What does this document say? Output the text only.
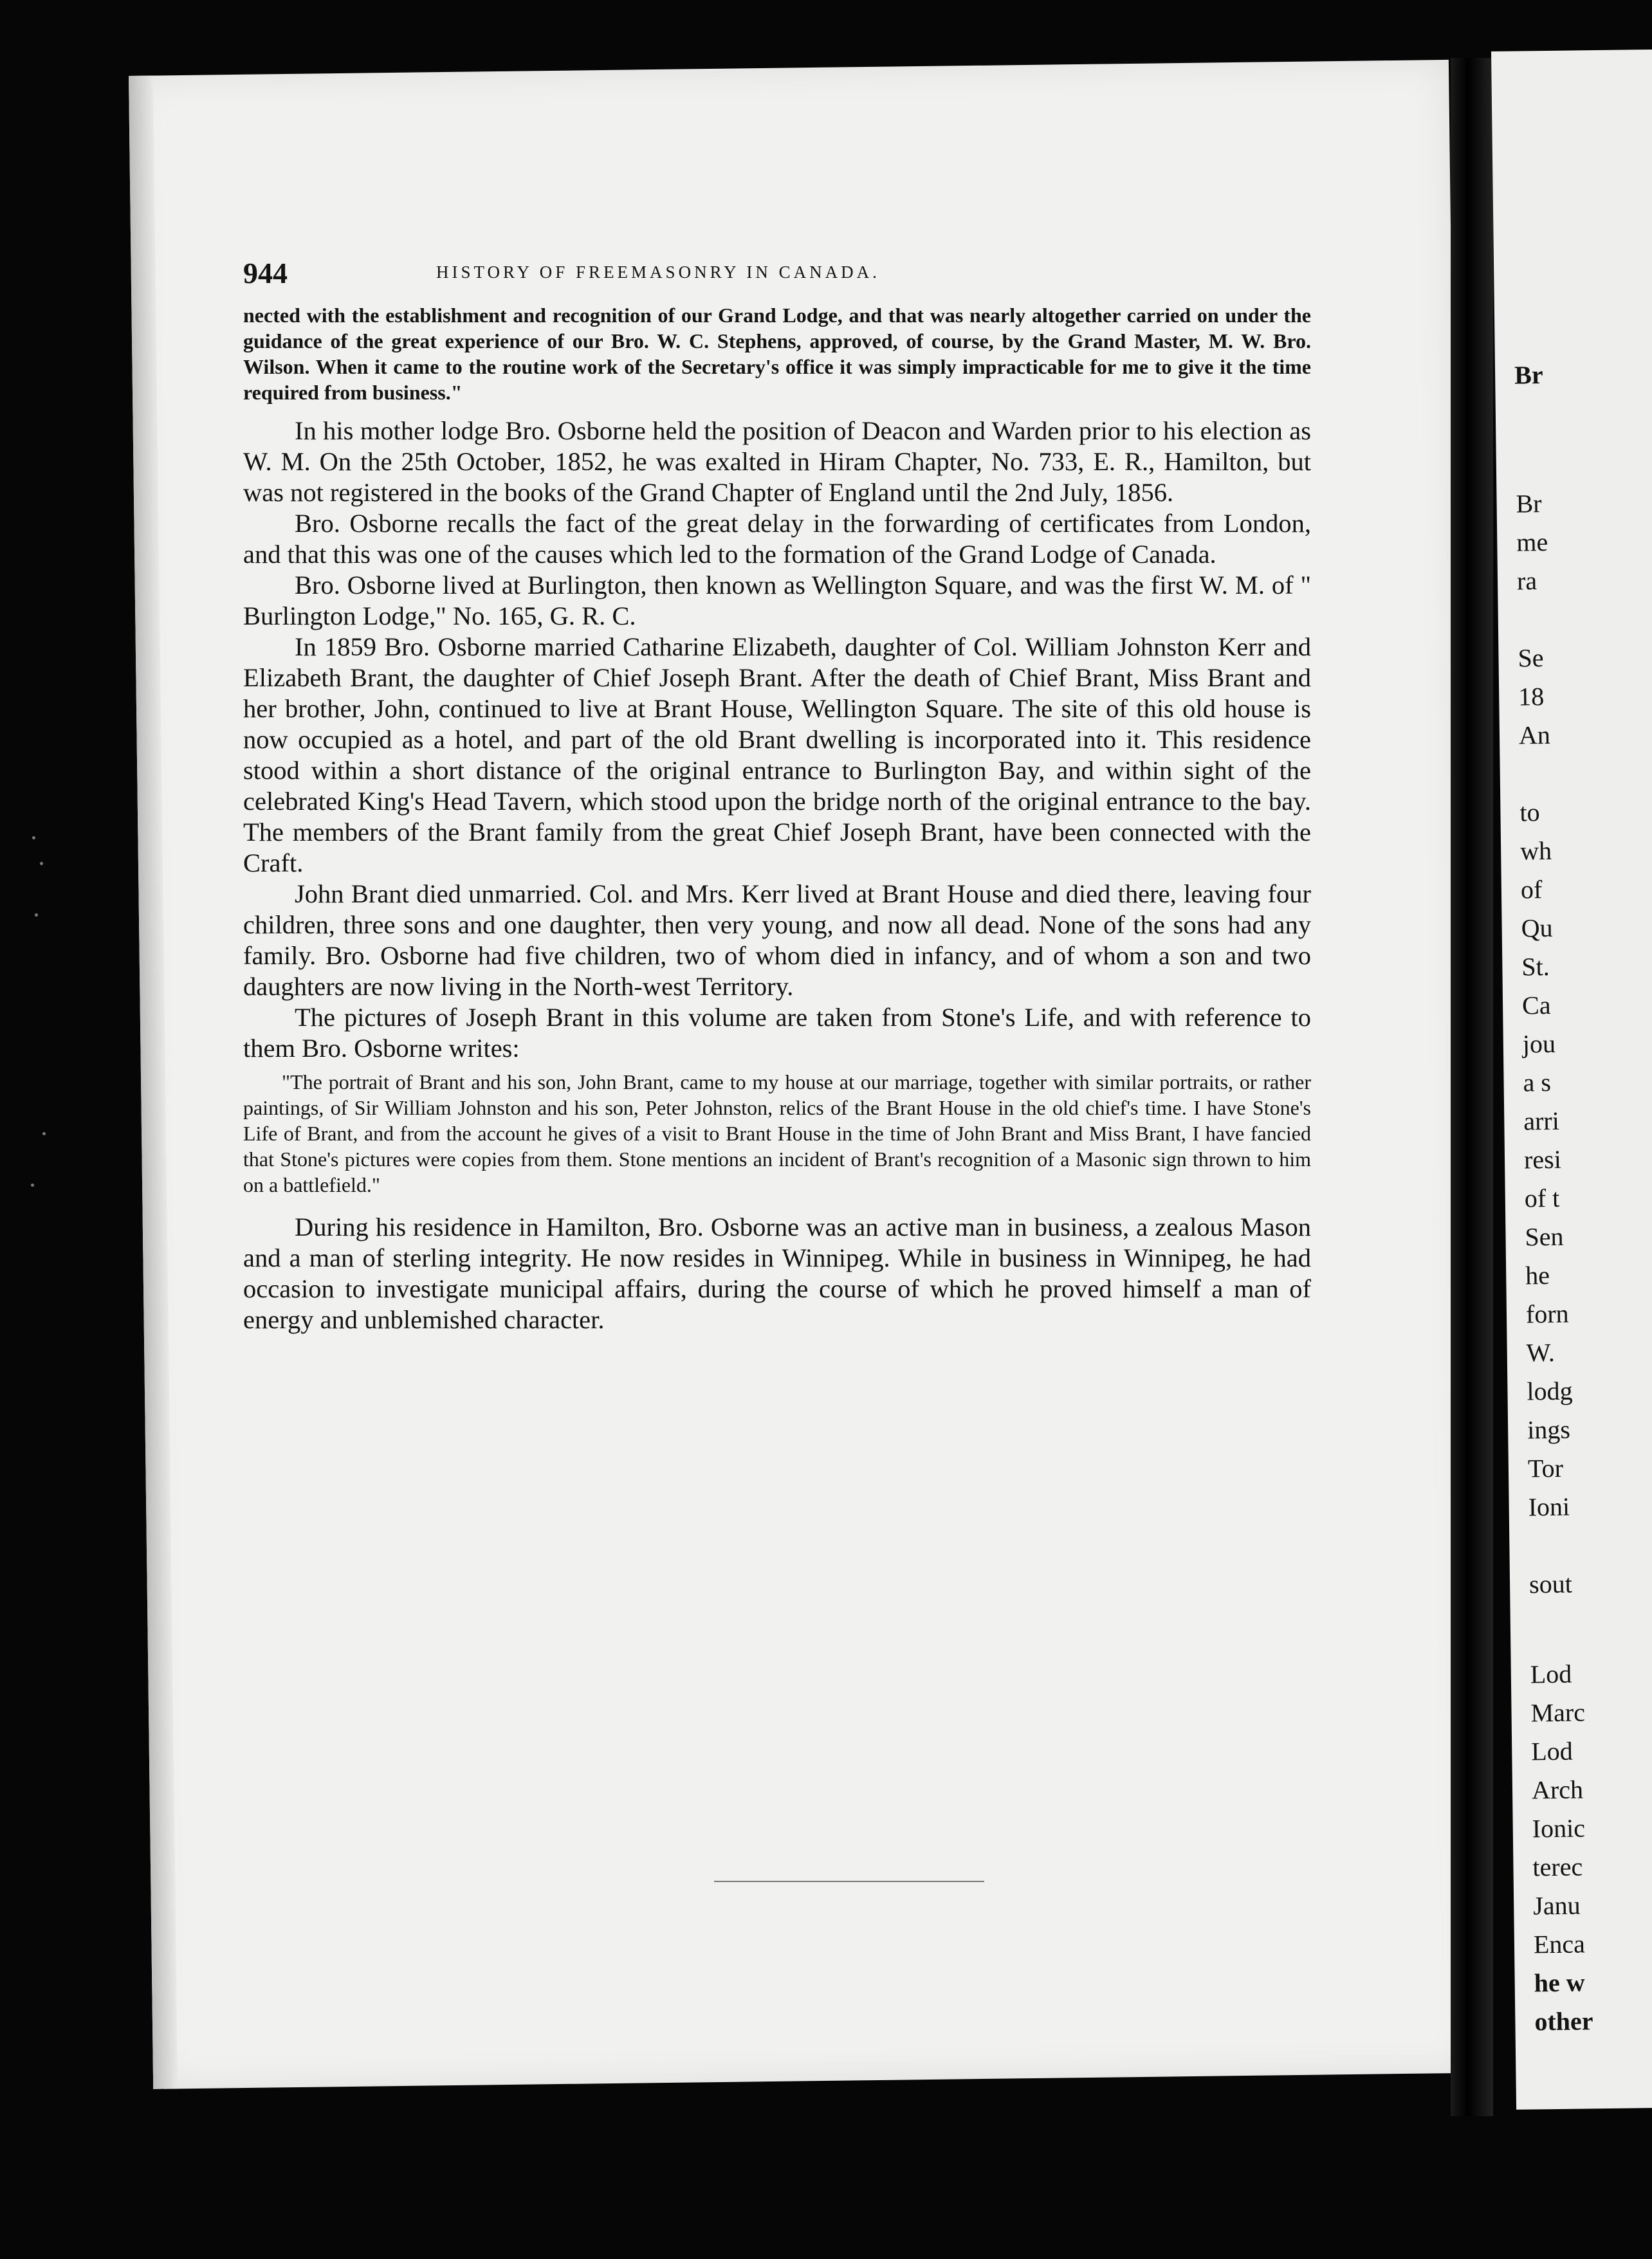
Br
Br
me
ra
Se
18
An
to
wh
of
Qu
St.
Ca
jou
a s
arri
resi
of t
Sen
he
forn
W.
lodg
ings
Tor
Ioni
sout
Lod
Marc
Lod
Arch
Ionic
terec
Janu
Enca
he w
other
944	HISTORY OF FREEMASONRY IN CANADA.

nected with the establishment and recognition of our Grand Lodge, and that was nearly altogether carried on under the guidance of the great experience of our Bro. W. C. Stephens, approved, of course, by the Grand Master, M. W. Bro. Wilson. When it came to the routine work of the Secretary's office it was simply impracticable for me to give it the time required from business."

In his mother lodge Bro. Osborne held the position of Deacon and Warden prior to his election as W. M. On the 25th October, 1852, he was exalted in Hiram Chapter, No. 733, E. R., Hamilton, but was not registered in the books of the Grand Chapter of England until the 2nd July, 1856.

Bro. Osborne recalls the fact of the great delay in the forwarding of certificates from London, and that this was one of the causes which led to the formation of the Grand Lodge of Canada.

Bro. Osborne lived at Burlington, then known as Wellington Square, and was the first W. M. of " Burlington Lodge," No. 165, G. R. C.

In 1859 Bro. Osborne married Catharine Elizabeth, daughter of Col. William Johnston Kerr and Elizabeth Brant, the daughter of Chief Joseph Brant. After the death of Chief Brant, Miss Brant and her brother, John, continued to live at Brant House, Wellington Square. The site of this old house is now occupied as a hotel, and part of the old Brant dwelling is incorporated into it. This residence stood within a short distance of the original entrance to Burlington Bay, and within sight of the celebrated King's Head Tavern, which stood upon the bridge north of the original entrance to the bay. The members of the Brant family from the great Chief Joseph Brant, have been connected with the Craft.

John Brant died unmarried. Col. and Mrs. Kerr lived at Brant House and died there, leaving four children, three sons and one daughter, then very young, and now all dead. None of the sons had any family. Bro. Osborne had five children, two of whom died in infancy, and of whom a son and two daughters are now living in the North-west Territory.

The pictures of Joseph Brant in this volume are taken from Stone's Life, and with reference to them Bro. Osborne writes:

"The portrait of Brant and his son, John Brant, came to my house at our marriage, together with similar portraits, or rather paintings, of Sir William Johnston and his son, Peter Johnston, relics of the Brant House in the old chief's time. I have Stone's Life of Brant, and from the account he gives of a visit to Brant House in the time of John Brant and Miss Brant, I have fancied that Stone's pictures were copies from them. Stone mentions an incident of Brant's recognition of a Masonic sign thrown to him on a battlefield."

During his residence in Hamilton, Bro. Osborne was an active man in business, a zealous Mason and a man of sterling integrity. He now resides in Winnipeg. While in business in Winnipeg, he had occasion to investigate municipal affairs, during the course of which he proved himself a man of energy and unblemished character.
